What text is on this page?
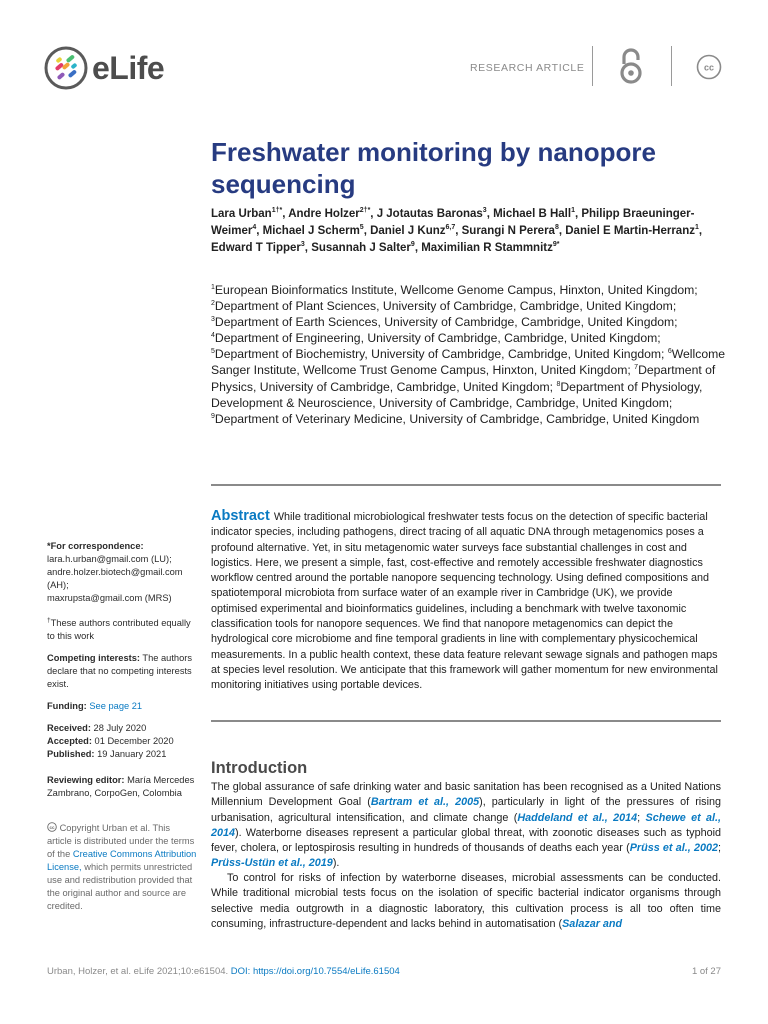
eLife	RESEARCH ARTICLE	cc
Freshwater monitoring by nanopore sequencing
Lara Urban$^{1\dagger*}$, Andre Holzer$^{2\dagger*}$, J Jotautas Baronas$^3$, Michael B Hall$^1$, Philipp Braeuninger-Weimer$^4$, Michael J Scherm$^5$, Daniel J Kunz$^{6,7}$, Surangi N Perera$^8$, Daniel E Martin-Herranz$^1$, Edward T Tipper$^3$, Susannah J Salter$^9$, Maximilian R Stammnitz$^{9*}$
$^1$European Bioinformatics Institute, Wellcome Genome Campus, Hinxton, United Kingdom; $^2$Department of Plant Sciences, University of Cambridge, Cambridge, United Kingdom; $^3$Department of Earth Sciences, University of Cambridge, Cambridge, United Kingdom; $^4$Department of Engineering, University of Cambridge, Cambridge, United Kingdom; $^5$Department of Biochemistry, University of Cambridge, Cambridge, United Kingdom; $^6$Wellcome Sanger Institute, Wellcome Trust Genome Campus, Hinxton, United Kingdom; $^7$Department of Physics, University of Cambridge, Cambridge, United Kingdom; $^8$Department of Physiology, Development & Neuroscience, University of Cambridge, Cambridge, United Kingdom; $^9$Department of Veterinary Medicine, University of Cambridge, Cambridge, United Kingdom
Abstract While traditional microbiological freshwater tests focus on the detection of specific bacterial indicator species, including pathogens, direct tracing of all aquatic DNA through metagenomics poses a profound alternative. Yet, in situ metagenomic water surveys face substantial challenges in cost and logistics. Here, we present a simple, fast, cost-effective and remotely accessible freshwater diagnostics workflow centred around the portable nanopore sequencing technology. Using defined compositions and spatiotemporal microbiota from surface water of an example river in Cambridge (UK), we provide optimised experimental and bioinformatics guidelines, including a benchmark with twelve taxonomic classification tools for nanopore sequences. We find that nanopore metagenomics can depict the hydrological core microbiome and fine temporal gradients in line with complementary physicochemical measurements. In a public health context, these data feature relevant sewage signals and pathogen maps at species level resolution. We anticipate that this framework will gather momentum for new environmental monitoring initiatives using portable devices.
*For correspondence:
lara.h.urban@gmail.com (LU);
andre.holzer.biotech@gmail.com (AH);
maxrupsta@gmail.com (MRS)
†These authors contributed equally to this work
Competing interests: The authors declare that no competing interests exist.
Funding: See page 21
Received: 28 July 2020
Accepted: 01 December 2020
Published: 19 January 2021
Reviewing editor: María Mercedes Zambrano, CorpoGen, Colombia
cc Copyright Urban et al. This article is distributed under the terms of the Creative Commons Attribution License, which permits unrestricted use and redistribution provided that the original author and source are credited.
Introduction
The global assurance of safe drinking water and basic sanitation has been recognised as a United Nations Millennium Development Goal (Bartram et al., 2005), particularly in light of the pressures of rising urbanisation, agricultural intensification, and climate change (Haddeland et al., 2014; Schewe et al., 2014). Waterborne diseases represent a particular global threat, with zoonotic diseases such as typhoid fever, cholera, or leptospirosis resulting in hundreds of thousands of deaths each year (Prüss et al., 2002; Prüss-Ustün et al., 2019).
To control for risks of infection by waterborne diseases, microbial assessments can be conducted. While traditional microbial tests focus on the isolation of specific bacterial indicator organisms through selective media outgrowth in a diagnostic laboratory, this cultivation process is all too often time consuming, infrastructure-dependent and lacks behind in automatisation (Salazar and
Urban, Holzer, et al. eLife 2021;10:e61504. DOI: https://doi.org/10.7554/eLife.61504	1 of 27
